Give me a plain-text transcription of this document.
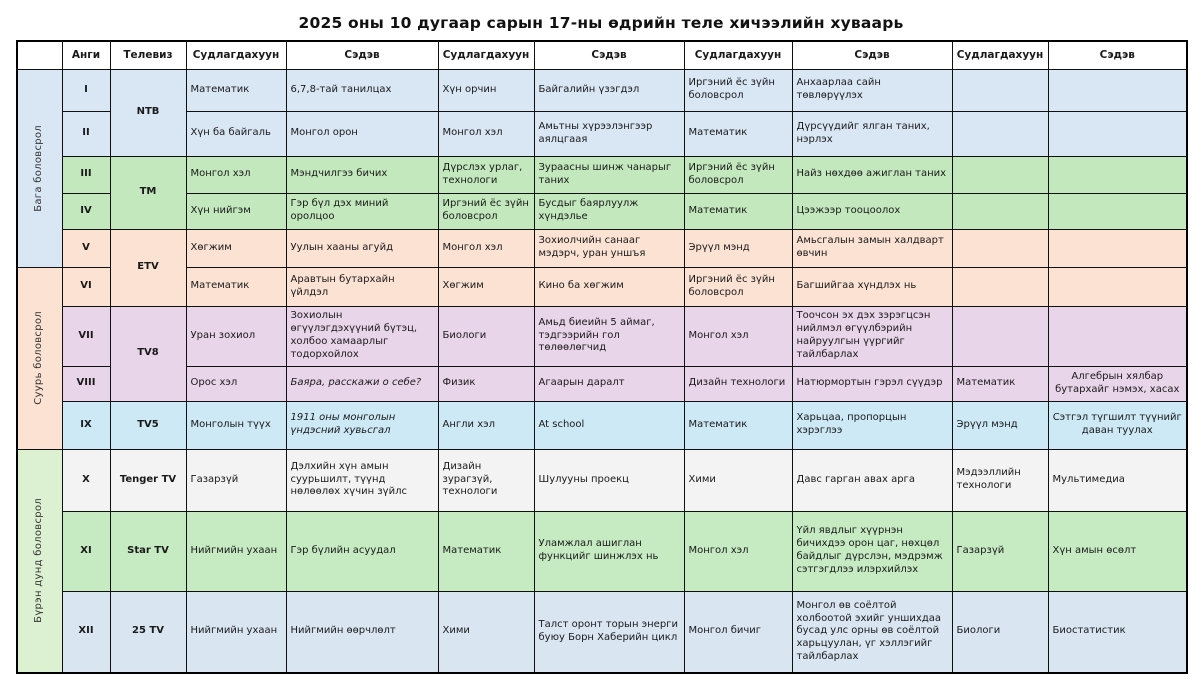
2025 оны 10 дугаар сарын 17-ны өдрийн теле хичээлийн хуваарь
	Анги	Телевиз	Судлагдахуун	Сэдэв	Судлагдахуун	Сэдэв	Судлагдахуун	Сэдэв	Судлагдахуун	Сэдэв

Бага боловсрол	I	NTB	Математик	6,7,8-тай танилцах	Хүн орчин	Байгалийн үзэгдэл	Иргэний ёс зүйн боловсрол	Анхаарлаа сайн төвлөрүүлэх		
	II		Хүн ба байгаль	Монгол орон	Монгол хэл	Амьтны хүрээлэнгээр аялцгаая	Математик	Дүрсүүдийг ялган таних, нэрлэх		
	III	TM	Монгол хэл	Мэндчилгээ бичих	Дүрслэх урлаг, технологи	Зураасны шинж чанарыг таних	Иргэний ёс зүйн боловсрол	Найз нөхдөө ажиглан таних		
	IV		Хүн нийгэм	Гэр бүл дэх миний оролцоо	Иргэний ёс зүйн боловсрол	Бусдыг баярлуулж хүндэлье	Математик	Цээжээр тооцоолох		
	V	ETV	Хөгжим	Уулын хааны агуйд	Монгол хэл	Зохиолчийн санааг мэдэрч, уран уншъя	Эрүүл мэнд	Амьсгалын замын халдварт өвчин		

Суурь боловсрол	VI		Математик	Аравтын бутархайн үйлдэл	Хөгжим	Кино ба хөгжим	Иргэний ёс зүйн боловсрол	Багшийгаа хүндлэх нь		
	VII	TV8	Уран зохиол	Зохиолын өгүүлэгдэхүүний бүтэц, холбоо хамаарлыг тодорхойлох	Биологи	Амьд биеийн 5 аймаг, тэдгээрийн гол төлөөлөгчид	Монгол хэл	Тоочсон эх дэх зэрэгцсэн нийлмэл өгүүлбэрийн найруулгын үүргийг тайлбарлах		
	VIII		Орос хэл	Баяра, расскажи о себе?	Физик	Агаарын даралт	Дизайн технологи	Натюрмортын гэрэл сүүдэр	Математик	Алгебрын хялбар бутархайг нэмэх, хасах
	IX	TV5	Монголын түүх	1911 оны монголын үндэсний хувьсгал	Англи хэл	At school	Математик	Харьцаа, пропорцын хэрэглээ	Эрүүл мэнд	Сэтгэл түгшилт түүнийг даван туулах

Бүрэн дунд боловсрол	X	Tenger TV	Газарзүй	Дэлхийн хүн амын суурьшилт, түүнд нөлөөлөх хүчин зүйлс	Дизайн зурагзүй, технологи	Шулууны проекц	Хими	Давс гарган авах арга	Мэдээллийн технологи	Мультимедиа
	XI	Star TV	Нийгмийн ухаан	Гэр бүлийн асуудал	Математик	Уламжлал ашиглан функцийг шинжлэх нь	Монгол хэл	Үйл явдлыг хүүрнэн бичихдээ орон цаг, нөхцөл байдлыг дүрслэн, мэдрэмж сэтгэгдлээ илэрхийлэх	Газарзүй	Хүн амын өсөлт
	XII	25 TV	Нийгмийн ухаан	Нийгмийн өөрчлөлт	Хими	Талст оронт торын энерги буюу Борн Хаберийн цикл	Монгол бичиг	Монгол өв соёлтой холбоотой эхийг уншихдаа бусад улс орны өв соёлтой харьцуулан, үг хэллэгийг тайлбарлах	Биологи	Биостатистик
